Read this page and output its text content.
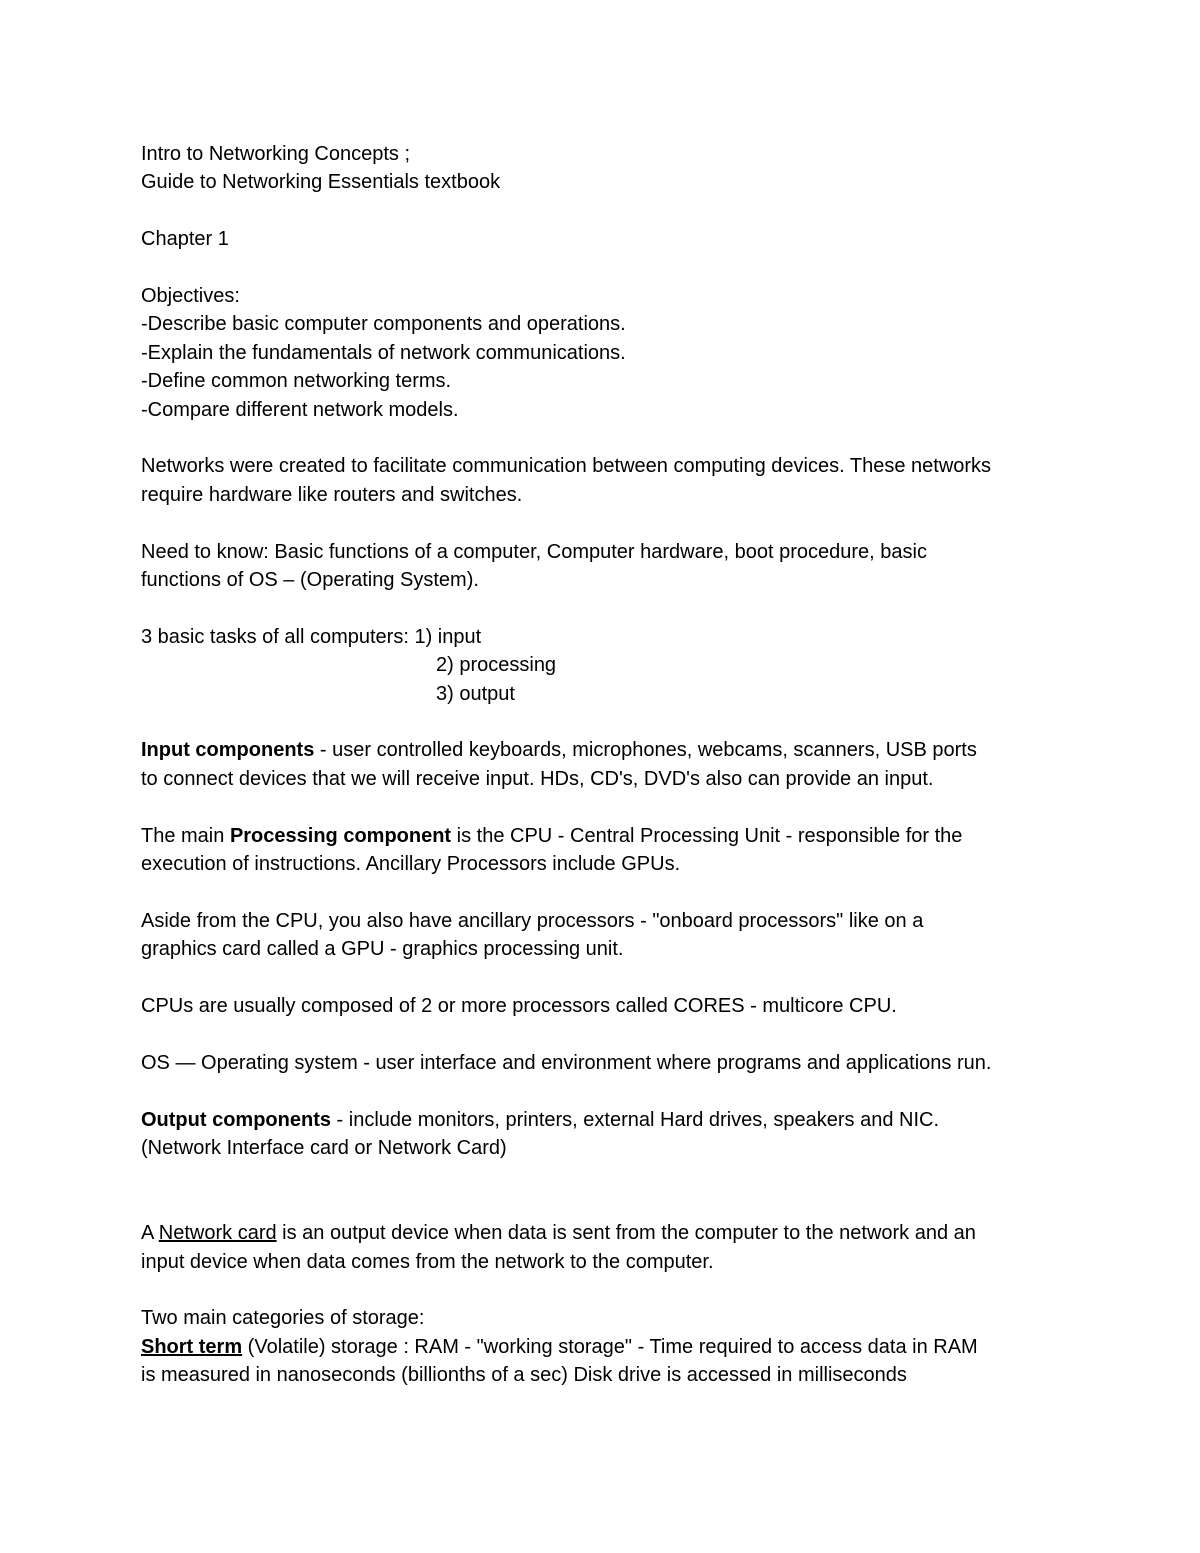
Intro to Networking Concepts ;
Guide to Networking Essentials textbook
Chapter 1
Objectives:
-Describe basic computer components and operations.
-Explain the fundamentals of network communications.
-Define common networking terms.
-Compare different network models.
Networks were created to facilitate communication between computing devices. These networks
require hardware like routers and switches.
Need to know: Basic functions of a computer, Computer hardware, boot procedure, basic
functions of OS – (Operating System).
3 basic tasks of all computers: 1) input
2) processing
3) output
Input components - user controlled keyboards, microphones, webcams, scanners, USB ports
to connect devices that we will receive input. HDs, CD's, DVD's also can provide an input.
The main Processing component is the CPU - Central Processing Unit - responsible for the
execution of instructions. Ancillary Processors include GPUs.
Aside from the CPU, you also have ancillary processors - "onboard processors" like on a
graphics card called a GPU - graphics processing unit.
CPUs are usually composed of 2 or more processors called CORES - multicore CPU.
OS — Operating system - user interface and environment where programs and applications run.
Output components - include monitors, printers, external Hard drives, speakers and NIC.
(Network Interface card or Network Card)
A Network card is an output device when data is sent from the computer to the network and an
input device when data comes from the network to the computer.
Two main categories of storage:
Short term (Volatile) storage : RAM - "working storage" - Time required to access data in RAM
is measured in nanoseconds (billionths of a sec) Disk drive is accessed in milliseconds
